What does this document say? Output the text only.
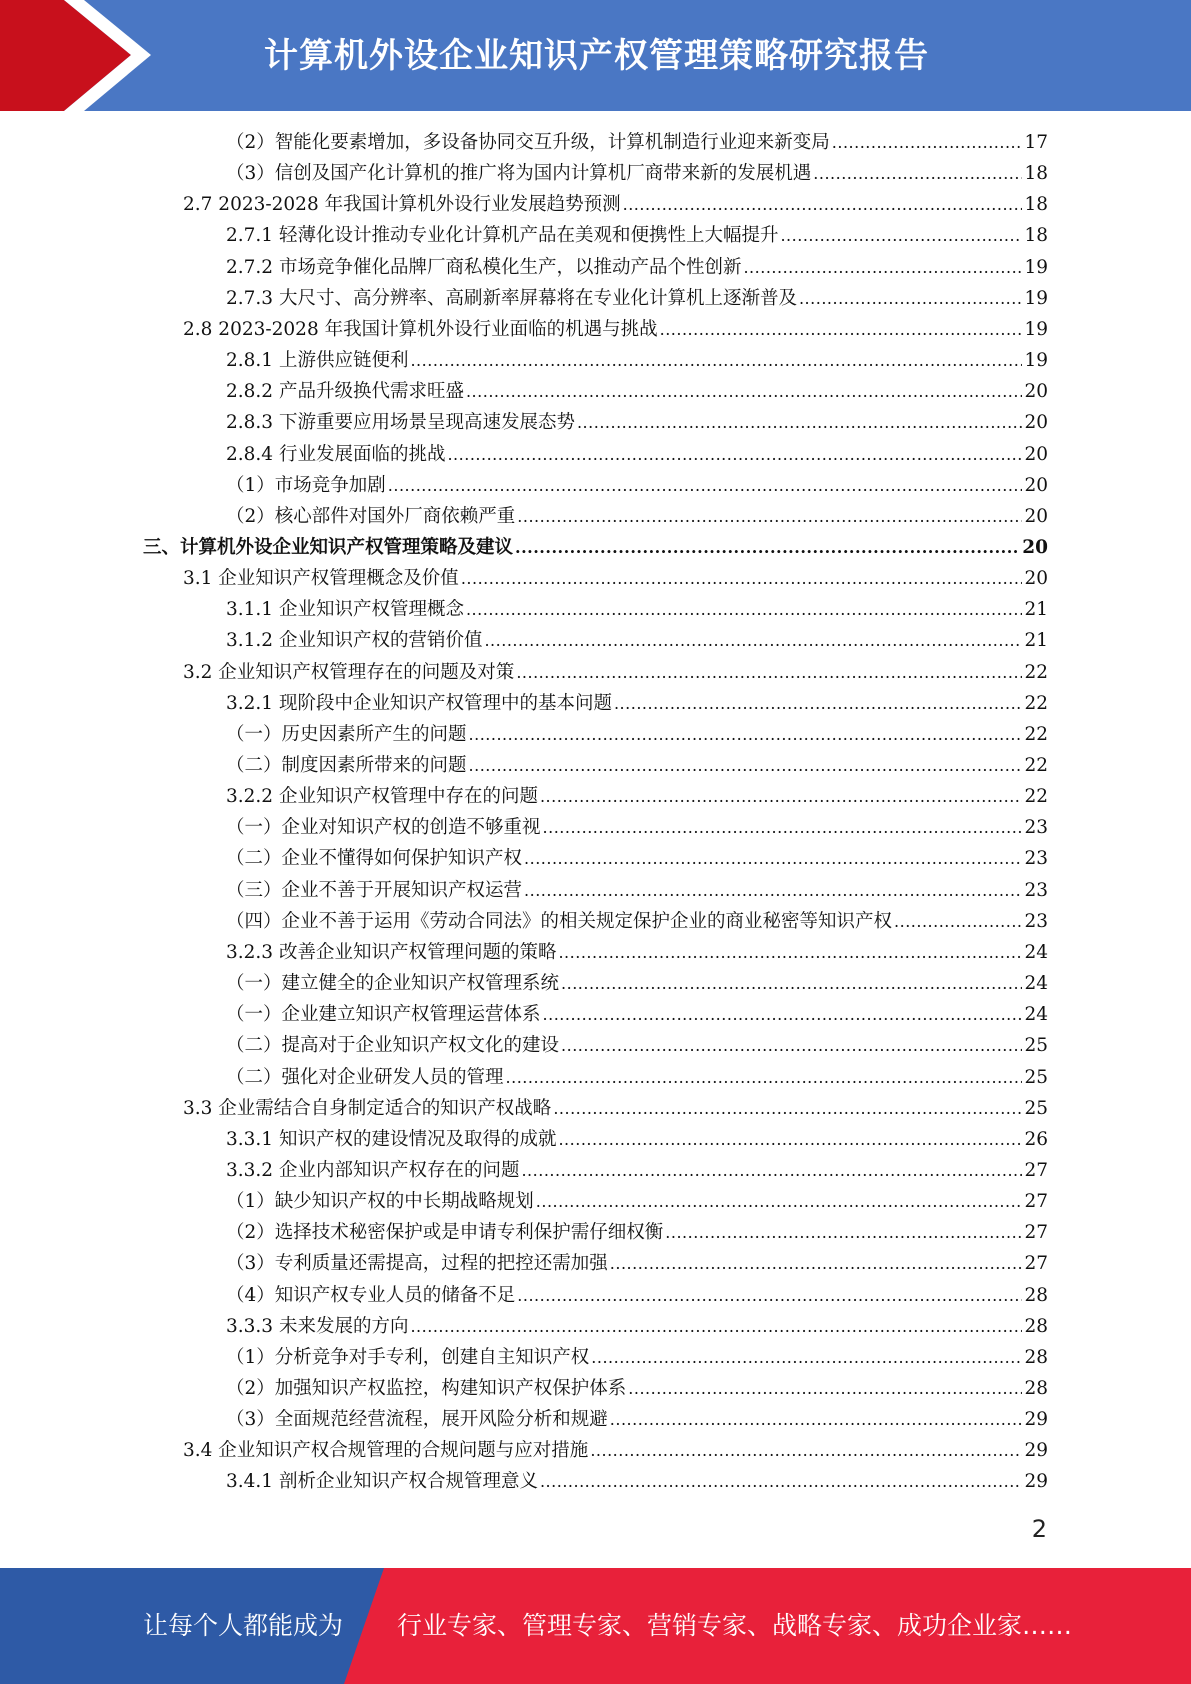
计算机外设企业知识产权管理策略研究报告
（2）智能化要素增加，多设备协同交互升级，计算机制造行业迎来新变局 .....	17
（3）信创及国产化计算机的推广将为国内计算机厂商带来新的发展机遇 .....	18
2.7 2023-2028 年我国计算机外设行业发展趋势预测 .....	18
2.7.1 轻薄化设计推动专业化计算机产品在美观和便携性上大幅提升 .....	18
2.7.2 市场竞争催化品牌厂商私模化生产，以推动产品个性创新 .....	19
2.7.3 大尺寸、高分辨率、高刷新率屏幕将在专业化计算机上逐渐普及 .....	19
2.8 2023-2028 年我国计算机外设行业面临的机遇与挑战 .....	19
2.8.1 上游供应链便利 .....	19
2.8.2 产品升级换代需求旺盛 .....	20
2.8.3 下游重要应用场景呈现高速发展态势 .....	20
2.8.4 行业发展面临的挑战 .....	20
（1）市场竞争加剧 .....	20
（2）核心部件对国外厂商依赖严重 .....	20
三、计算机外设企业知识产权管理策略及建议 .....	20
3.1 企业知识产权管理概念及价值 .....	20
3.1.1 企业知识产权管理概念 .....	21
3.1.2 企业知识产权的营销价值 .....	21
3.2 企业知识产权管理存在的问题及对策 .....	22
3.2.1 现阶段中企业知识产权管理中的基本问题 .....	22
（一）历史因素所产生的问题 .....	22
（二）制度因素所带来的问题 .....	22
3.2.2 企业知识产权管理中存在的问题 .....	22
（一）企业对知识产权的创造不够重视 .....	23
（二）企业不懂得如何保护知识产权 .....	23
（三）企业不善于开展知识产权运营 .....	23
（四）企业不善于运用《劳动合同法》的相关规定保护企业的商业秘密等知识产权 .....	23
3.2.3 改善企业知识产权管理问题的策略 .....	24
（一）建立健全的企业知识产权管理系统 .....	24
（一）企业建立知识产权管理运营体系 .....	24
（二）提高对于企业知识产权文化的建设 .....	25
（二）强化对企业研发人员的管理 .....	25
3.3 企业需结合自身制定适合的知识产权战略 .....	25
3.3.1 知识产权的建设情况及取得的成就 .....	26
3.3.2 企业内部知识产权存在的问题 .....	27
（1）缺少知识产权的中长期战略规划 .....	27
（2）选择技术秘密保护或是申请专利保护需仔细权衡 .....	27
（3）专利质量还需提高，过程的把控还需加强 .....	27
（4）知识产权专业人员的储备不足 .....	28
3.3.3 未来发展的方向 .....	28
（1）分析竞争对手专利，创建自主知识产权 .....	28
（2）加强知识产权监控，构建知识产权保护体系 .....	28
（3）全面规范经营流程，展开风险分析和规避 .....	29
3.4 企业知识产权合规管理的合规问题与应对措施 .....	29
3.4.1 剖析企业知识产权合规管理意义 .....	29
2
让每个人都能成为 行业专家、管理专家、营销专家、战略专家、成功企业家……
